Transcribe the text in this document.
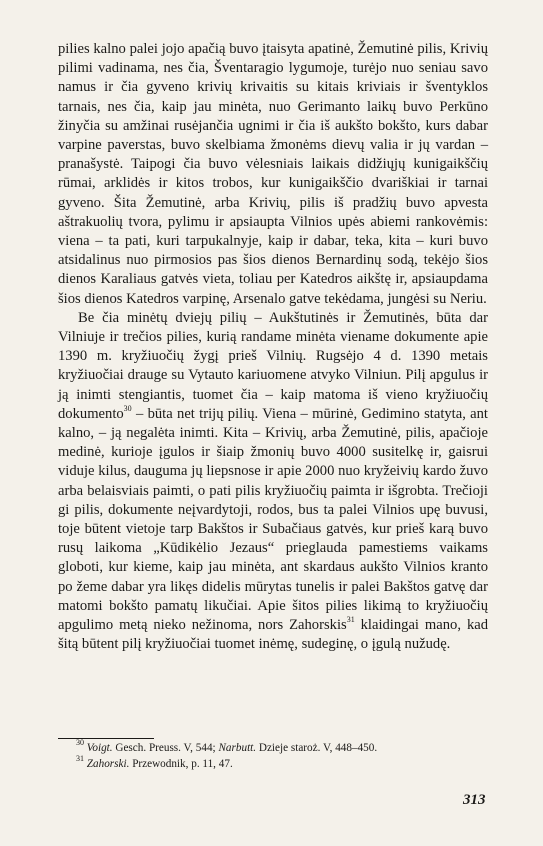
pilies kalno palei jojo apačią buvo įtaisyta apatinė, Žemutinė pilis, Krivių pilimi vadinama, nes čia, Šventaragio lygumoje, turėjo nuo seniau savo namus ir čia gyveno krivių krivaitis su kitais kriviais ir šventyklos tarnais, nes čia, kaip jau minėta, nuo Gerimanto laikų buvo Perkūno žinyčia su amžinai rusėjančia ugnimi ir čia iš aukšto bokšto, kurs dabar varpine paverstas, buvo skelbiama žmonėms dievų valia ir jų vardan – pranašystė. Taipogi čia buvo vėlesniais laikais didžiųjų kunigaikščių rūmai, arklidės ir kitos trobos, kur kunigaikščio dvariškiai ir tarnai gyveno. Šita Žemutinė, arba Krivių, pilis iš pradžių buvo apvesta aštrakuolių tvora, pylimu ir apsiaupta Vilnios upės abiemi rankovėmis: viena – ta pati, kuri tarpukalnyje, kaip ir dabar, teka, kita – kuri buvo atsidalinus nuo pirmosios pas šios dienos Bernardinų sodą, tekėjo šios dienos Karaliaus gatvės vieta, toliau per Katedros aikštę ir, apsiaupdama šios dienos Katedros varpinę, Arsenalo gatve tekėdama, jungėsi su Neriu.

Be čia minėtų dviejų pilių – Aukštutinės ir Žemutinės, būta dar Vilniuje ir trečios pilies, kurią randame minėta viename dokumente apie 1390 m. kryžiuočių žygį prieš Vilnių. Rugsėjo 4 d. 1390 metais kryžiuočiai drauge su Vytauto kariuomene atvyko Vilniun. Pilį apgulus ir ją inimti stengiantis, tuomet čia – kaip matoma iš vieno kryžiuočių dokumento$^{30}$ – būta net trijų pilių. Viena – mūrinė, Gedimino statyta, ant kalno, – ją negalėta inimti. Kita – Krivių, arba Žemutinė, pilis, apačioje medinė, kurioje įgulos ir šiaip žmonių buvo 4000 susitelkę ir, gaisrui viduje kilus, dauguma jų liepsnose ir apie 2000 nuo kryžeivių kardo žuvo arba belaisviais paimti, o pati pilis kryžiuočių paimta ir išgrobta. Trečioji gi pilis, dokumente neįvardytoji, rodos, bus ta palei Vilnios upę buvusi, toje būtent vietoje tarp Bakštos ir Subačiaus gatvės, kur prieš karą buvo rusų laikoma „Kūdikėlio Jezaus“ prieglauda pamestiems vaikams globoti, kur kieme, kaip jau minėta, ant skardaus aukšto Vilnios kranto po žeme dabar yra likęs didelis mūrytas tunelis ir palei Bakštos gatvę dar matomi bokšto pamatų likučiai. Apie šitos pilies likimą to kryžiuočių apgulimo metą nieko nežinoma, nors Zahorskis$^{31}$ klaidingai mano, kad šitą būtent pilį kryžiuočiai tuomet inėmę, sudeginę, o įgulą nužudę.

$^{30}$ Voigt. Gesch. Preuss. V, 544; Narbutt. Dzieje staroż. V, 448–450.
$^{31}$ Zahorski. Przewodnik, p. 11, 47.
313
